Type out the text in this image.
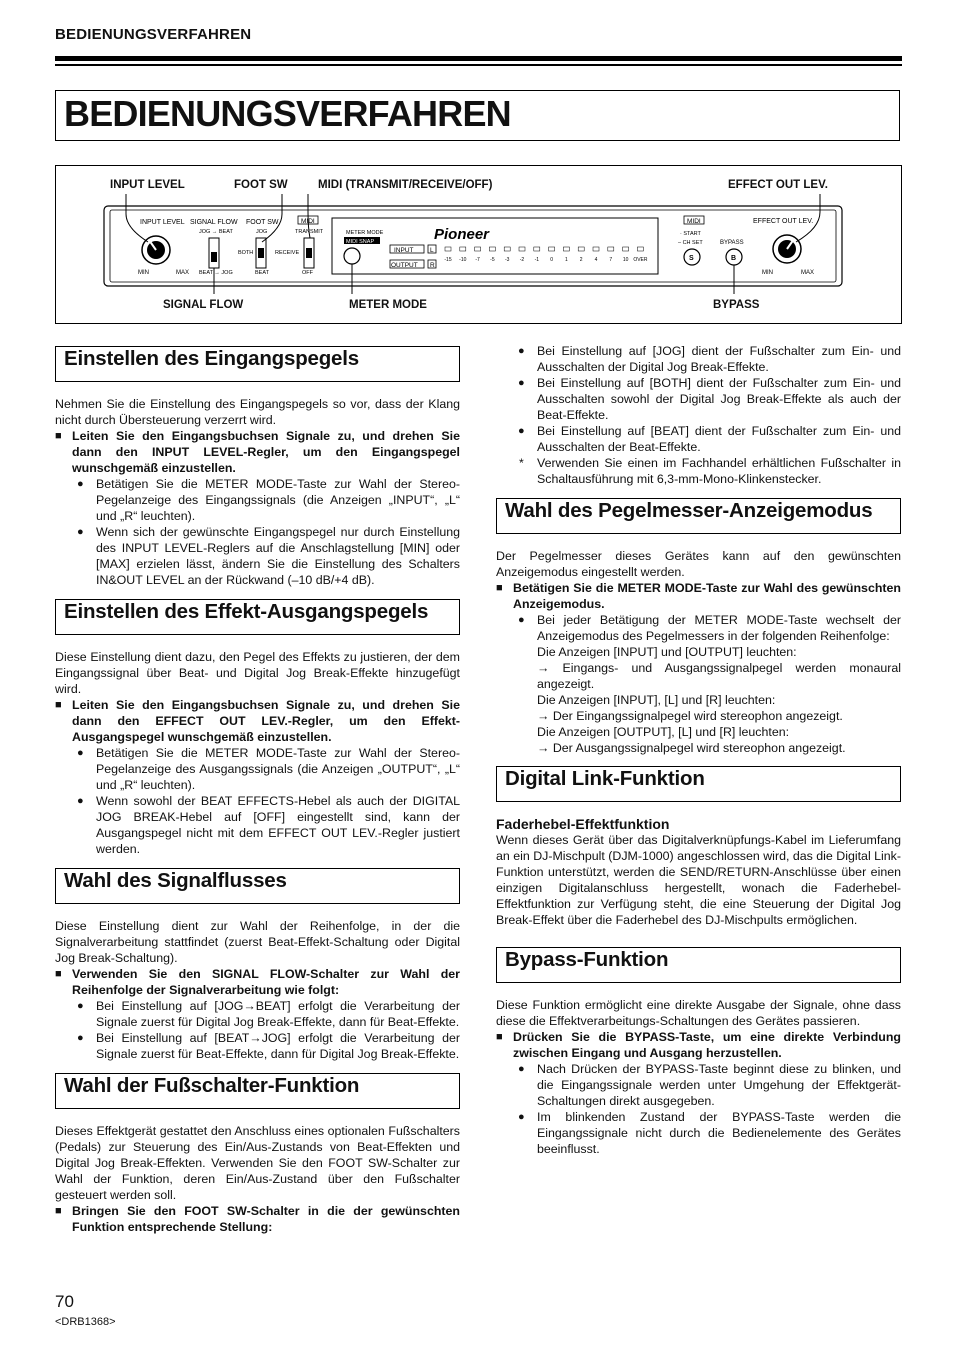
BEDIENUNGSVERFAHREN
BEDIENUNGSVERFAHREN
INPUT LEVEL	FOOT SW	MIDI (TRANSMIT/RECEIVE/OFF)	EFFECT OUT LEV.
SIGNAL FLOW	METER MODE	BYPASS
INPUT LEVEL
MIN	MAX
SIGNAL FLOW
JOG → BEAT
BEAT → JOG
FOOT SW
JOG
BOTH
BEAT
MIDI
TRANSMIT
RECEIVE
OFF
METER MODE
MIDI SNAP	Pioneer
INPUT	L
OUTPUT R
-15 -10 -7 -5 -3 -2 -1 0 1 2 4 7 10 OVER
MIDI
· START
– CH SET	BYPASS
S	B
EFFECT OUT LEV.
MIN	MAX
Einstellen des Eingangspegels

Nehmen Sie die Einstellung des Eingangspegels so vor, dass der Klang nicht durch Übersteuerung verzerrt wird.

■ Leiten Sie den Eingangsbuchsen Signale zu, und drehen Sie dann den INPUT LEVEL-Regler, um den Eingangspegel wunschgemäß einzustellen.

● Betätigen Sie die METER MODE-Taste zur Wahl der Stereo-Pegelanzeige des Eingangssignals (die Anzeigen „INPUT“, „L“ und „R“ leuchten).

● Wenn sich der gewünschte Eingangspegel nur durch Einstellung des INPUT LEVEL-Reglers auf die Anschlagstellung [MIN] oder [MAX] erzielen lässt, ändern Sie die Einstellung des Schalters IN&OUT LEVEL an der Rückwand (–10 dB/+4 dB).

Einstellen des Effekt-Ausgangspegels

Diese Einstellung dient dazu, den Pegel des Effekts zu justieren, der dem Eingangssignal über Beat- und Digital Jog Break-Effekte hinzugefügt wird.

■ Leiten Sie den Eingangsbuchsen Signale zu, und drehen Sie dann den EFFECT OUT LEV.-Regler, um den Effekt-Ausgangspegel wunschgemäß einzustellen.

● Betätigen Sie die METER MODE-Taste zur Wahl der Stereo-Pegelanzeige des Ausgangssignals (die Anzeigen „OUTPUT“, „L“ und „R“ leuchten).

● Wenn sowohl der BEAT EFFECTS-Hebel als auch der DIGITAL JOG BREAK-Hebel auf [OFF] eingestellt sind, kann der Ausgangspegel nicht mit dem EFFECT OUT LEV.-Regler justiert werden.

Wahl des Signalflusses

Diese Einstellung dient zur Wahl der Reihenfolge, in der die Signalverarbeitung stattfindet (zuerst Beat-Effekt-Schaltung oder Digital Jog Break-Schaltung).

■ Verwenden Sie den SIGNAL FLOW-Schalter zur Wahl der Reihenfolge der Signalverarbeitung wie folgt:

● Bei Einstellung auf [JOG→BEAT] erfolgt die Verarbeitung der Signale zuerst für Digital Jog Break-Effekte, dann für Beat-Effekte.

● Bei Einstellung auf [BEAT→JOG] erfolgt die Verarbeitung der Signale zuerst für Beat-Effekte, dann für Digital Jog Break-Effekte.

Wahl der Fußschalter-Funktion

Dieses Effektgerät gestattet den Anschluss eines optionalen Fußschalters (Pedals) zur Steuerung des Ein/Aus-Zustands von Beat-Effekten und Digital Jog Break-Effekten. Verwenden Sie den FOOT SW-Schalter zur Wahl der Funktion, deren Ein/Aus-Zustand über den Fußschalter gesteuert werden soll.

■ Bringen Sie den FOOT SW-Schalter in die der gewünschten Funktion entsprechende Stellung:

● Bei Einstellung auf [JOG] dient der Fußschalter zum Ein- und Ausschalten der Digital Jog Break-Effekte.

● Bei Einstellung auf [BOTH] dient der Fußschalter zum Ein- und Ausschalten sowohl der Digital Jog Break-Effekte als auch der Beat-Effekte.

● Bei Einstellung auf [BEAT] dient der Fußschalter zum Ein- und Ausschalten der Beat-Effekte.

* Verwenden Sie einen im Fachhandel erhältlichen Fußschalter in Schaltausführung mit 6,3-mm-Mono-Klinkenstecker.

Wahl des Pegelmesser-Anzeigemodus

Der Pegelmesser dieses Gerätes kann auf den gewünschten Anzeigemodus eingestellt werden.

■ Betätigen Sie die METER MODE-Taste zur Wahl des gewünschten Anzeigemodus.

● Bei jeder Betätigung der METER MODE-Taste wechselt der Anzeigemodus des Pegelmessers in der folgenden Reihenfolge:

Die Anzeigen [INPUT] und [OUTPUT] leuchten:

→ Eingangs- und Ausgangssignalpegel werden monaural angezeigt.

Die Anzeigen [INPUT], [L] und [R] leuchten:

→ Der Eingangssignalpegel wird stereophon angezeigt.

Die Anzeigen [OUTPUT], [L] und [R] leuchten:

→ Der Ausgangssignalpegel wird stereophon angezeigt.

Digital Link-Funktion

Faderhebel-Effektfunktion

Wenn dieses Gerät über das Digitalverknüpfungs-Kabel im Lieferumfang an ein DJ-Mischpult (DJM-1000) angeschlossen wird, das die Digital Link-Funktion unterstützt, werden die SEND/RETURN-Anschlüsse über einen einzigen Digitalanschluss hergestellt, wonach die Faderhebel-Effektfunktion zur Verfügung steht, die eine Steuerung der Digital Jog Break-Effekt über die Faderhebel des DJ-Mischpults ermöglichen.

Bypass-Funktion

Diese Funktion ermöglicht eine direkte Ausgabe der Signale, ohne dass diese die Effektverarbeitungs-Schaltungen des Gerätes passieren.

■ Drücken Sie die BYPASS-Taste, um eine direkte Verbindung zwischen Eingang und Ausgang herzustellen.

● Nach Drücken der BYPASS-Taste beginnt diese zu blinken, und die Eingangssignale werden unter Umgehung der Effektgerät-Schaltungen direkt ausgegeben.

● Im blinkenden Zustand der BYPASS-Taste werden die Eingangssignale nicht durch die Bedienelemente des Gerätes beeinflusst.

70
<DRB1368>
